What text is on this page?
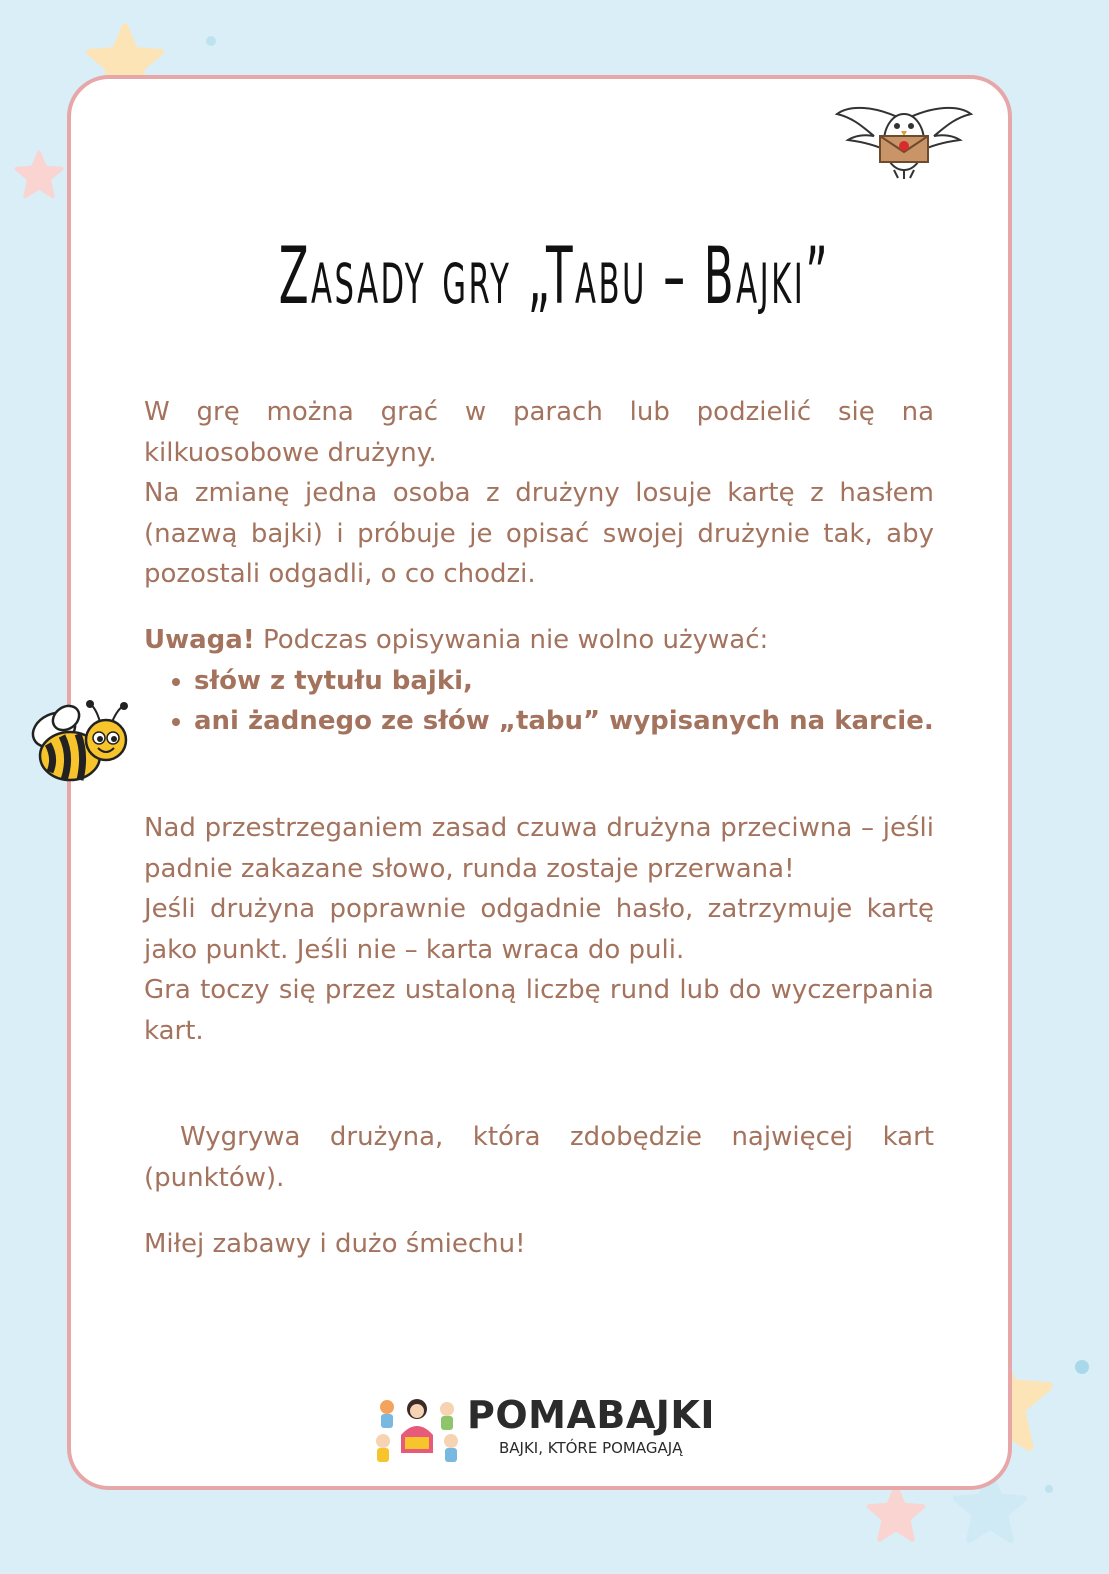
Zasady gry „Tabu – Bajki”

W grę można grać w parach lub podzielić się na kilkuosobowe drużyny.

Na zmianę jedna osoba z drużyny losuje kartę z hasłem (nazwą bajki) i próbuje je opisać swojej drużynie tak, aby pozostali odgadli, o co chodzi.

Uwaga! Podczas opisywania nie wolno używać:

• słów z tytułu bajki,
• ani żadnego ze słów „tabu” wypisanych na karcie.

Nad przestrzeganiem zasad czuwa drużyna przeciwna – jeśli padnie zakazane słowo, runda zostaje przerwana!

Jeśli drużyna poprawnie odgadnie hasło, zatrzymuje kartę jako punkt. Jeśli nie – karta wraca do puli.

Gra toczy się przez ustaloną liczbę rund lub do wyczerpania kart.

Wygrywa drużyna, która zdobędzie najwięcej kart (punktów).

Miłej zabawy i dużo śmiechu!

POMABAJKI
BAJKI, KTÓRE POMAGAJĄ
